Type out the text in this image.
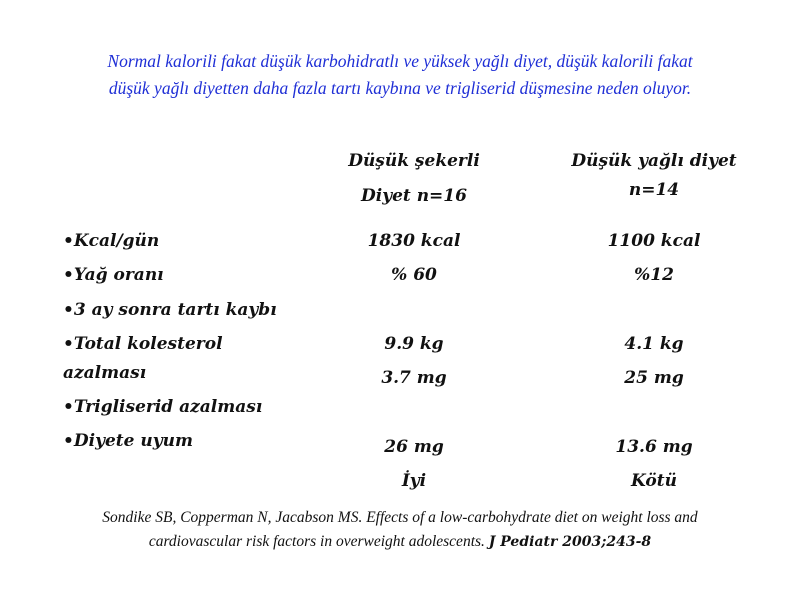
Normal kalorili fakat düşük karbohidratlı ve yüksek yağlı diyet, düşük kalorili fakat
düşük yağlı diyetten daha fazla tartı kaybına ve trigliserid düşmesine neden oluyor.
Düşük şekerli
Diyet n=16
Düşük yağlı diyet
n=14
•Kcal/gün
•Yağ oranı
•3 ay sonra tartı kaybı
•Total kolesterol
azalması
•Trigliserid azalması
•Diyete uyum
1830 kcal
% 60
9.9 kg
3.7 mg
26 mg
İyi
1100 kcal
%12
4.1 kg
25 mg
13.6 mg
Kötü
Sondike SB, Copperman N, Jacabson MS. Effects of a low-carbohydrate diet on weight loss and
cardiovascular risk factors in overweight adolescents. J Pediatr 2003;243-8
